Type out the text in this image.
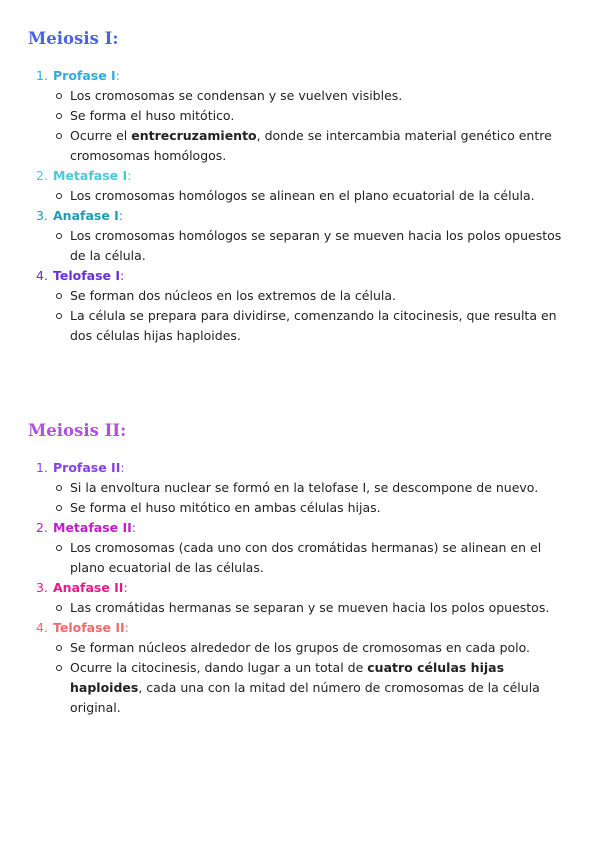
Meiosis I:
1. Profase I:
Los cromosomas se condensan y se vuelven visibles.
Se forma el huso mitótico.
Ocurre el entrecruzamiento, donde se intercambia material genético entre cromosomas homólogos.
2. Metafase I:
Los cromosomas homólogos se alinean en el plano ecuatorial de la célula.
3. Anafase I:
Los cromosomas homólogos se separan y se mueven hacia los polos opuestos de la célula.
4. Telofase I:
Se forman dos núcleos en los extremos de la célula.
La célula se prepara para dividirse, comenzando la citocinesis, que resulta en dos células hijas haploides.
Meiosis II:
1. Profase II:
Si la envoltura nuclear se formó en la telofase I, se descompone de nuevo.
Se forma el huso mitótico en ambas células hijas.
2. Metafase II:
Los cromosomas (cada uno con dos cromátidas hermanas) se alinean en el plano ecuatorial de las células.
3. Anafase II:
Las cromátidas hermanas se separan y se mueven hacia los polos opuestos.
4. Telofase II:
Se forman núcleos alrededor de los grupos de cromosomas en cada polo.
Ocurre la citocinesis, dando lugar a un total de cuatro células hijas haploides, cada una con la mitad del número de cromosomas de la célula original.
